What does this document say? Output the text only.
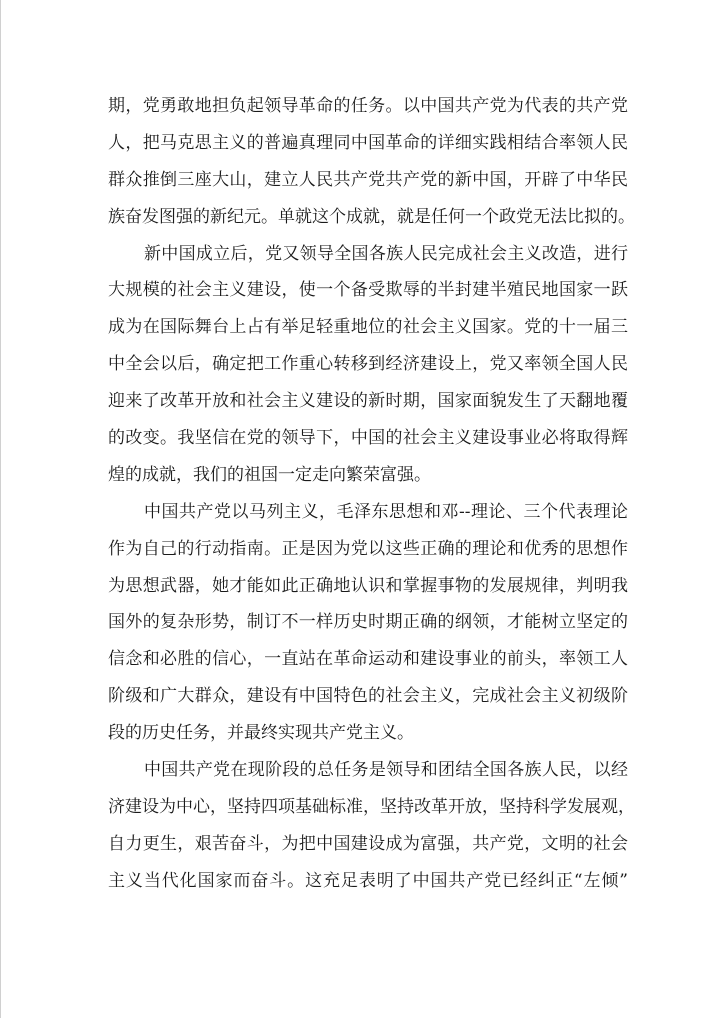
期，党勇敢地担负起领导革命的任务。以中国共产党为代表的共产党
人，把马克思主义的普遍真理同中国革命的详细实践相结合率领人民
群众推倒三座大山，建立人民共产党共产党的新中国，开辟了中华民
族奋发图强的新纪元。单就这个成就，就是任何一个政党无法比拟的。
新中国成立后，党又领导全国各族人民完成社会主义改造，进行
大规模的社会主义建设，使一个备受欺辱的半封建半殖民地国家一跃
成为在国际舞台上占有举足轻重地位的社会主义国家。党的十一届三
中全会以后，确定把工作重心转移到经济建设上，党又率领全国人民
迎来了改革开放和社会主义建设的新时期，国家面貌发生了天翻地覆
的改变。我坚信在党的领导下，中国的社会主义建设事业必将取得辉
煌的成就，我们的祖国一定走向繁荣富强。
中国共产党以马列主义，毛泽东思想和邓--理论、三个代表理论
作为自己的行动指南。正是因为党以这些正确的理论和优秀的思想作
为思想武器，她才能如此正确地认识和掌握事物的发展规律，判明我
国外的复杂形势，制订不一样历史时期正确的纲领，才能树立坚定的
信念和必胜的信心，一直站在革命运动和建设事业的前头，率领工人
阶级和广大群众，建设有中国特色的社会主义，完成社会主义初级阶
段的历史任务，并最终实现共产党主义。
中国共产党在现阶段的总任务是领导和团结全国各族人民，以经
济建设为中心，坚持四项基础标准，坚持改革开放，坚持科学发展观，
自力更生，艰苦奋斗，为把中国建设成为富强，共产党，文明的社会
主义当代化国家而奋斗。这充足表明了中国共产党已经纠正“左倾”
